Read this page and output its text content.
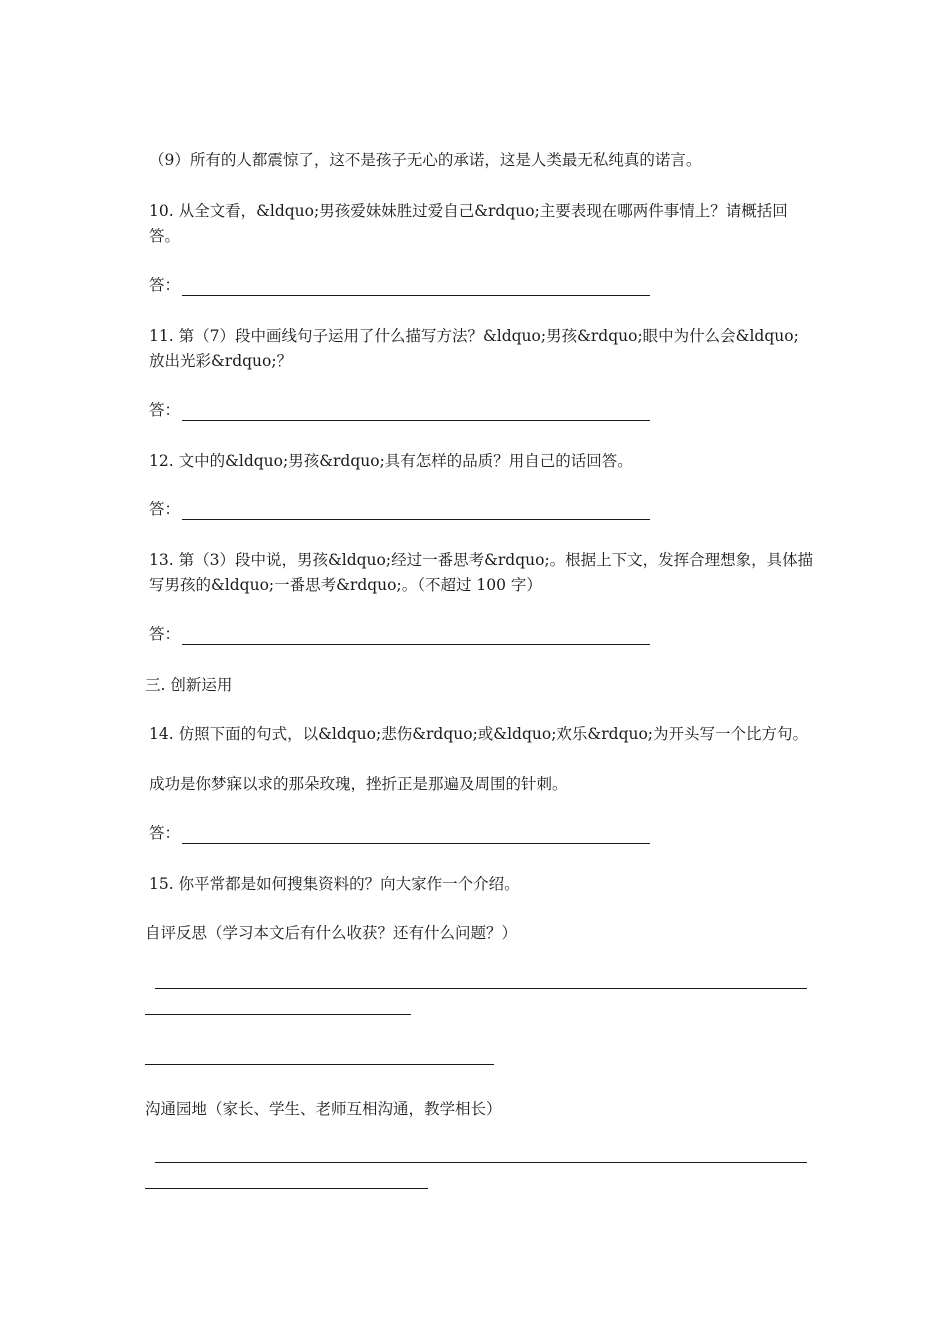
（9）所有的人都震惊了，这不是孩子无心的承诺，这是人类最无私纯真的诺言。
10. 从全文看，&ldquo;男孩爱妹妹胜过爱自己&rdquo;主要表现在哪两件事情上？请概括回答。
答：
11. 第（7）段中画线句子运用了什么描写方法？&ldquo;男孩&rdquo;眼中为什么会&ldquo;放出光彩&rdquo;？
答：
12. 文中的&ldquo;男孩&rdquo;具有怎样的品质？用自己的话回答。
答：
13. 第（3）段中说，男孩&ldquo;经过一番思考&rdquo;。根据上下文，发挥合理想象，具体描写男孩的&ldquo;一番思考&rdquo;。（不超过 100 字）
答：
三. 创新运用
14. 仿照下面的句式，以&ldquo;悲伤&rdquo;或&ldquo;欢乐&rdquo;为开头写一个比方句。
成功是你梦寐以求的那朵玫瑰，挫折正是那遍及周围的针刺。
答：
15. 你平常都是如何搜集资料的？向大家作一个介绍。
自评反思（学习本文后有什么收获？还有什么问题？）
沟通园地（家长、学生、老师互相沟通，教学相长）
